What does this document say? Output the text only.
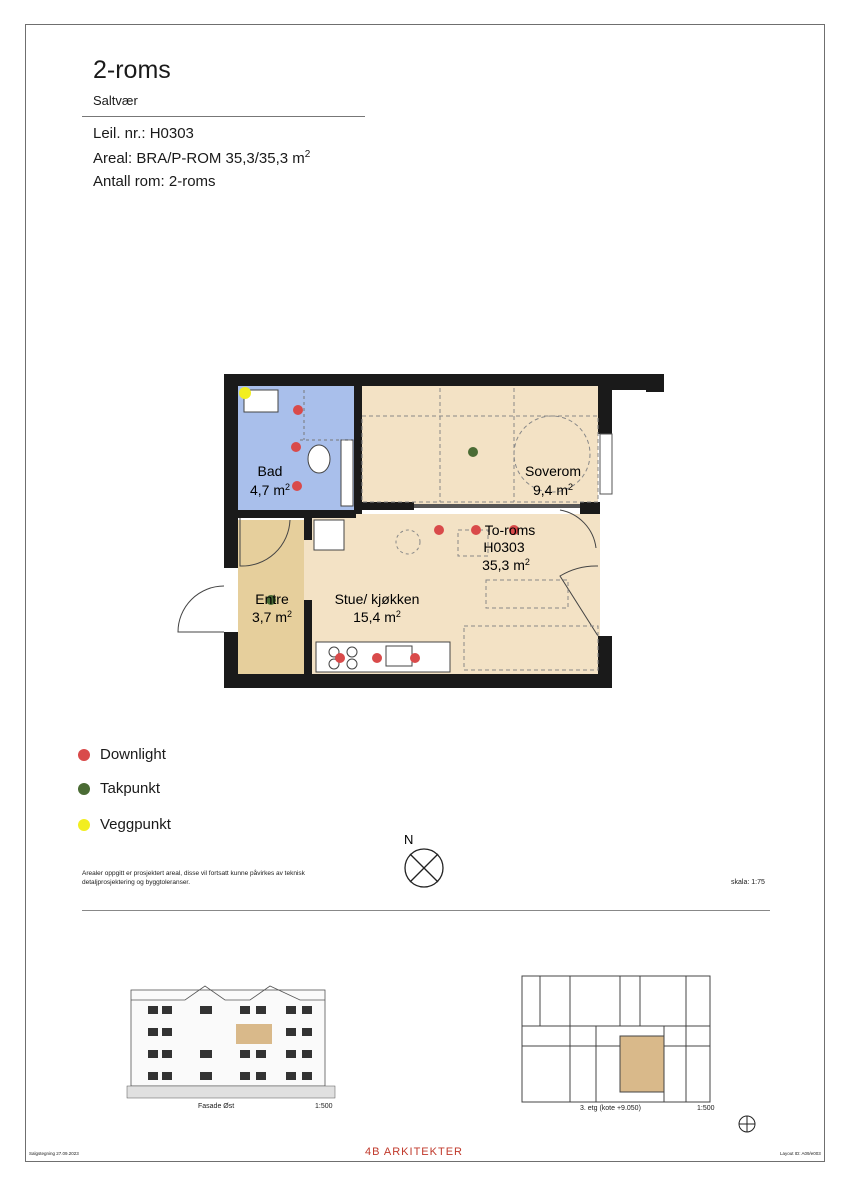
2-roms
Saltvær
Leil. nr.: H0303
Areal: BRA/P-ROM 35,3/35,3 $m^2$
Antall rom: 2-roms
Bad
4,7 $m^2$
Soverom
9,4 $m^2$
To-roms
H0303
35,3 $m^2$
Entre
3,7 $m^2$
Stue/ kjøkken
15,4 $m^2$
N
Downlight
Takpunkt
Veggpunkt
Arealer oppgitt er prosjektert areal, disse vil fortsatt kunne påvirkes av teknisk detaljprosjektering og byggtoleranser.	skala: 1:75
Fasade Øst	1:500	3. etg (kote +9.050)	1:500
Salgstegning 27.09.2023	4B ARKITEKTER	Layout ID: A09/e003
